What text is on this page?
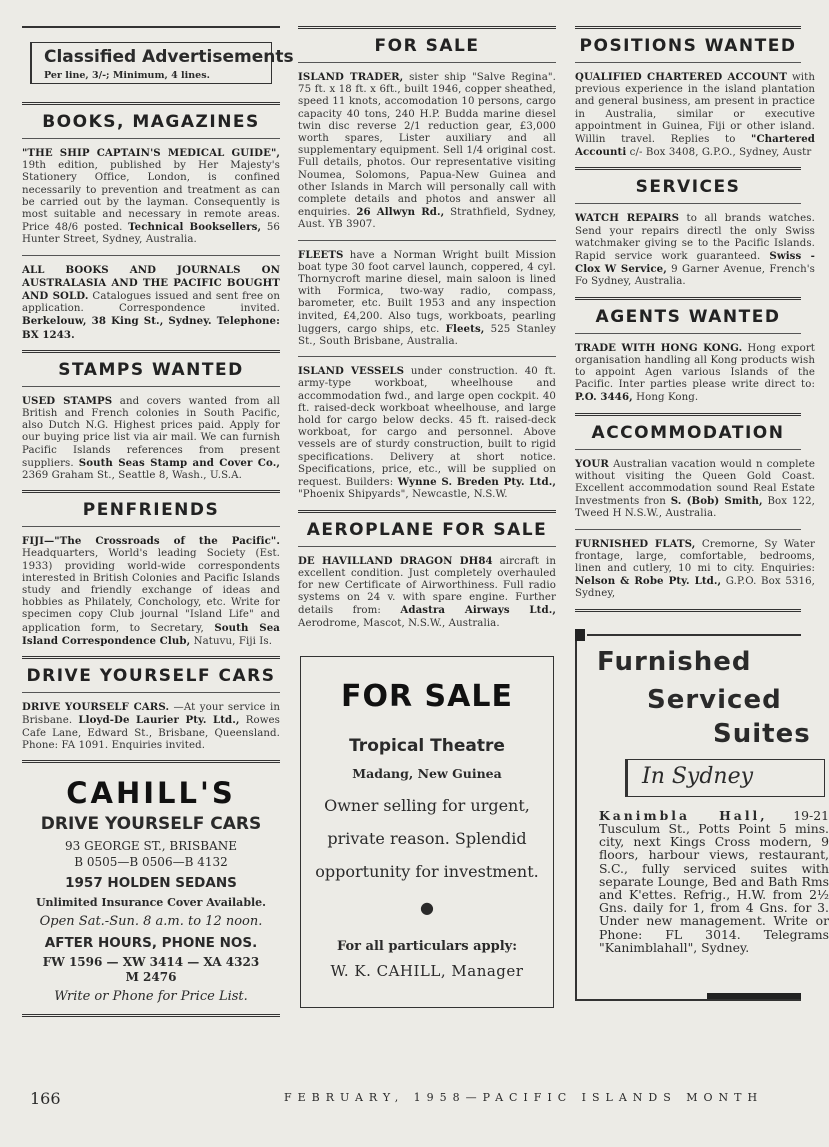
Classified Advertisements
Per line, 3/-; Minimum, 4 lines.
BOOKS, MAGAZINES
"THE SHIP CAPTAIN'S MEDICAL GUIDE", 19th edition, published by Her Majesty's Stationery Office, London, is confined necessarily to prevention and treatment as can be carried out by the layman. Consequently is most suitable and necessary in remote areas. Price 48/6 posted. Technical Booksellers, 56 Hunter Street, Sydney, Australia.
ALL BOOKS AND JOURNALS ON AUSTRALASIA AND THE PACIFIC BOUGHT AND SOLD. Catalogues issued and sent free on application. Correspondence invited. Berkelouw, 38 King St., Sydney. Telephone: BX 1243.
STAMPS WANTED
USED STAMPS and covers wanted from all British and French colonies in South Pacific, also Dutch N.G. Highest prices paid. Apply for our buying price list via air mail. We can furnish Pacific Islands references from present suppliers. South Seas Stamp and Cover Co., 2369 Graham St., Seattle 8, Wash., U.S.A.
PENFRIENDS
FIJI—"The Crossroads of the Pacific". Headquarters, World's leading Society (Est. 1933) providing world-wide correspondents interested in British Colonies and Pacific Islands study and friendly exchange of ideas and hobbies as Philately, Conchology, etc. Write for specimen copy Club journal "Island Life" and application form, to Secretary, South Sea Island Correspondence Club, Natuvu, Fiji Is.
DRIVE YOURSELF CARS
DRIVE YOURSELF CARS. —At your service in Brisbane. Lloyd-De Laurier Pty. Ltd., Rowes Cafe Lane, Edward St., Brisbane, Queensland. Phone: FA 1091. Enquiries invited.
CAHILL'S
DRIVE YOURSELF CARS
93 GEORGE ST., BRISBANE
B 0505—B 0506—B 4132
1957 HOLDEN SEDANS
Unlimited Insurance Cover Available.
Open Sat.-Sun. 8 a.m. to 12 noon.
AFTER HOURS, PHONE NOS.
FW 1596 — XW 3414 — XA 4323
M 2476
Write or Phone for Price List.
FOR SALE
ISLAND TRADER, sister ship "Salve Regina". 75 ft. x 18 ft. x 6ft., built 1946, copper sheathed, speed 11 knots, accomodation 10 persons, cargo capacity 40 tons, 240 H.P. Budda marine diesel twin disc reverse 2/1 reduction gear, £3,000 worth spares, Lister auxiliary and all supplementary equipment. Sell 1/4 original cost. Full details, photos. Our representative visiting Noumea, Solomons, Papua-New Guinea and other Islands in March will personally call with complete details and photos and answer all enquiries. 26 Allwyn Rd., Strathfield, Sydney, Aust. YB 3907.
FLEETS have a Norman Wright built Mission boat type 30 foot carvel launch, coppered, 4 cyl. Thornycroft marine diesel, main saloon is lined with Formica, two-way radio, compass, barometer, etc. Built 1953 and any inspection invited, £4,200. Also tugs, workboats, pearling luggers, cargo ships, etc. Fleets, 525 Stanley St., South Brisbane, Australia.
ISLAND VESSELS under construction. 40 ft. army-type workboat, wheelhouse and accommodation fwd., and large open cockpit. 40 ft. raised-deck workboat wheelhouse, and large hold for cargo below decks. 45 ft. raised-deck workboat, for cargo and personnel. Above vessels are of sturdy construction, built to rigid specifications. Delivery at short notice. Specifications, price, etc., will be supplied on request. Builders: Wynne S. Breden Pty. Ltd., "Phoenix Shipyards", Newcastle, N.S.W.
AEROPLANE FOR SALE
DE HAVILLAND DRAGON DH84 aircraft in excellent condition. Just completely overhauled for new Certificate of Airworthiness. Full radio systems on 24 v. with spare engine. Further details from: Adastra Airways Ltd., Aerodrome, Mascot, N.S.W., Australia.
FOR SALE
Tropical Theatre
Madang, New Guinea
Owner selling for urgent,
private reason. Splendid
opportunity for investment.
●
For all particulars apply:
W. K. CAHILL, Manager
POSITIONS WANTED
QUALIFIED CHARTERED ACCOUNT with previous experience in the island plantation and general business, am present in practice in Australia, similar or executive appointment in Guinea, Fiji or other island. Willin travel. Replies to "Chartered Accounti c/- Box 3408, G.P.O., Sydney, Austr
SERVICES
WATCH REPAIRS to all brands watches. Send your repairs directl the only Swiss watchmaker giving se to the Pacific Islands. Rapid service work guaranteed. Swiss - Clox W Service, 9 Garner Avenue, French's Fo Sydney, Australia.
AGENTS WANTED
TRADE WITH HONG KONG. Hong export organisation handling all Kong products wish to appoint Agen various Islands of the Pacific. Inter parties please write direct to: P.O. 3446, Hong Kong.
ACCOMMODATION
YOUR Australian vacation would n complete without visiting the Queen Gold Coast. Excellent accommodation sound Real Estate Investments fron S. (Bob) Smith, Box 122, Tweed H N.S.W., Australia.
FURNISHED FLATS, Cremorne, Sy Water frontage, large, comfortable, bedrooms, linen and cutlery, 10 mi to city. Enquiries: Nelson & Robe Pty. Ltd., G.P.O. Box 5316, Sydney,
Furnished
Serviced
Suites
In Sydney
Kanimbla Hall, 19-21 Tusculum St., Potts Point 5 mins. city, next Kings Cross modern, 9 floors, harbour views, restaurant, S.C., fully serviced suites with separate Lounge, Bed and Bath Rms and K'ettes. Refrig., H.W. from 2½ Gns. daily for 1, from 4 Gns. for 3. Under new management. Write or Phone: FL 3014. Telegrams "Kanimblahall", Sydney.
166	FEBRUARY, 1958—PACIFIC ISLANDS MONTH
